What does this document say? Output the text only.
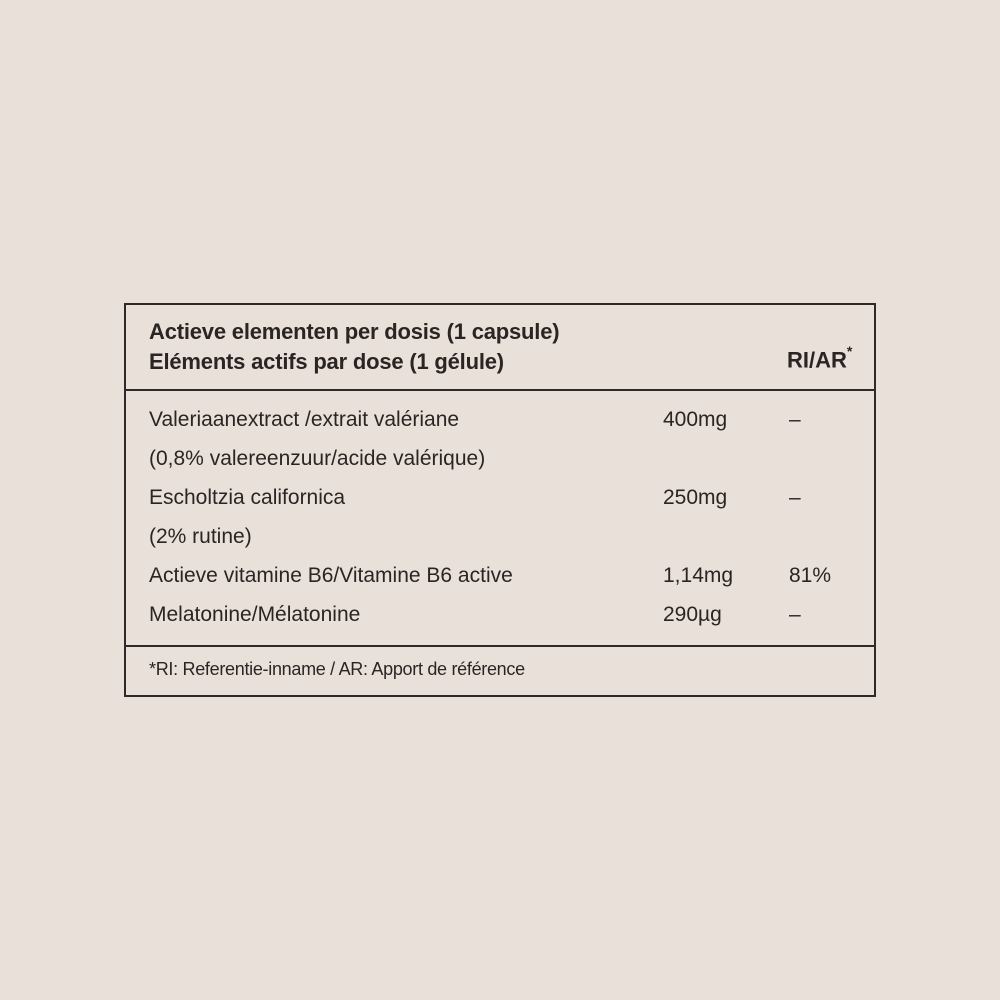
Actieve elementen per dosis (1 capsule)
Eléments actifs par dose (1 gélule)	RI/AR*
Valeriaanextract /extrait valériane	400mg	–
(0,8% valereenzuur/acide valérique)
Escholtzia californica	250mg	–
(2% rutine)
Actieve vitamine B6/Vitamine B6 active	1,14mg	81%
Melatonine/Mélatonine	290µg	–
*RI: Referentie-inname / AR: Apport de référence
